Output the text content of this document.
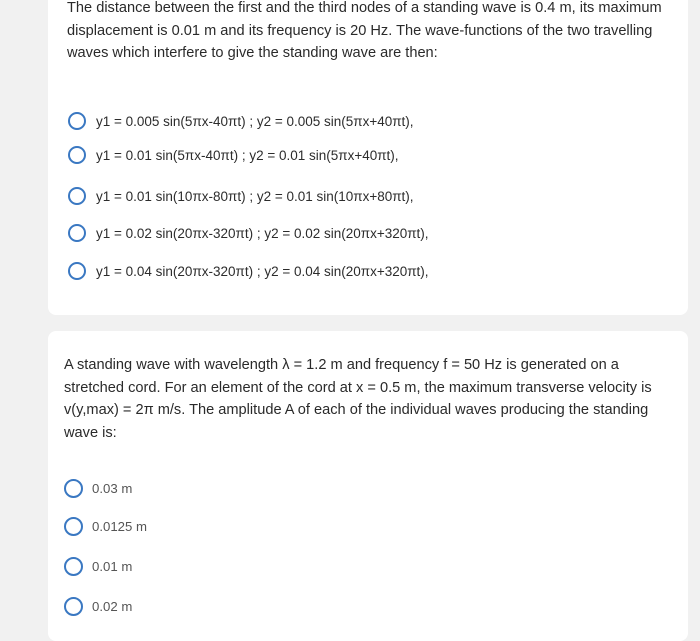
The distance between the first and the third nodes of a standing wave is 0.4 m, its maximum displacement is 0.01 m and its frequency is 20 Hz. The wave-functions of the two travelling waves which interfere to give the standing wave are then:

y1 = 0.005 sin(5πx-40πt) ; y2 = 0.005 sin(5πx+40πt),
y1 = 0.01 sin(5πx-40πt) ; y2 = 0.01 sin(5πx+40πt),
y1 = 0.01 sin(10πx-80πt) ; y2 = 0.01 sin(10πx+80πt),
y1 = 0.02 sin(20πx-320πt) ; y2 = 0.02 sin(20πx+320πt),
y1 = 0.04 sin(20πx-320πt) ; y2 = 0.04 sin(20πx+320πt),

A standing wave with wavelength λ = 1.2 m and frequency f = 50 Hz is generated on a stretched cord. For an element of the cord at x = 0.5 m, the maximum transverse velocity is v(y,max) = 2π m/s. The amplitude A of each of the individual waves producing the standing wave is:

0.03 m
0.0125 m
0.01 m
0.02 m
